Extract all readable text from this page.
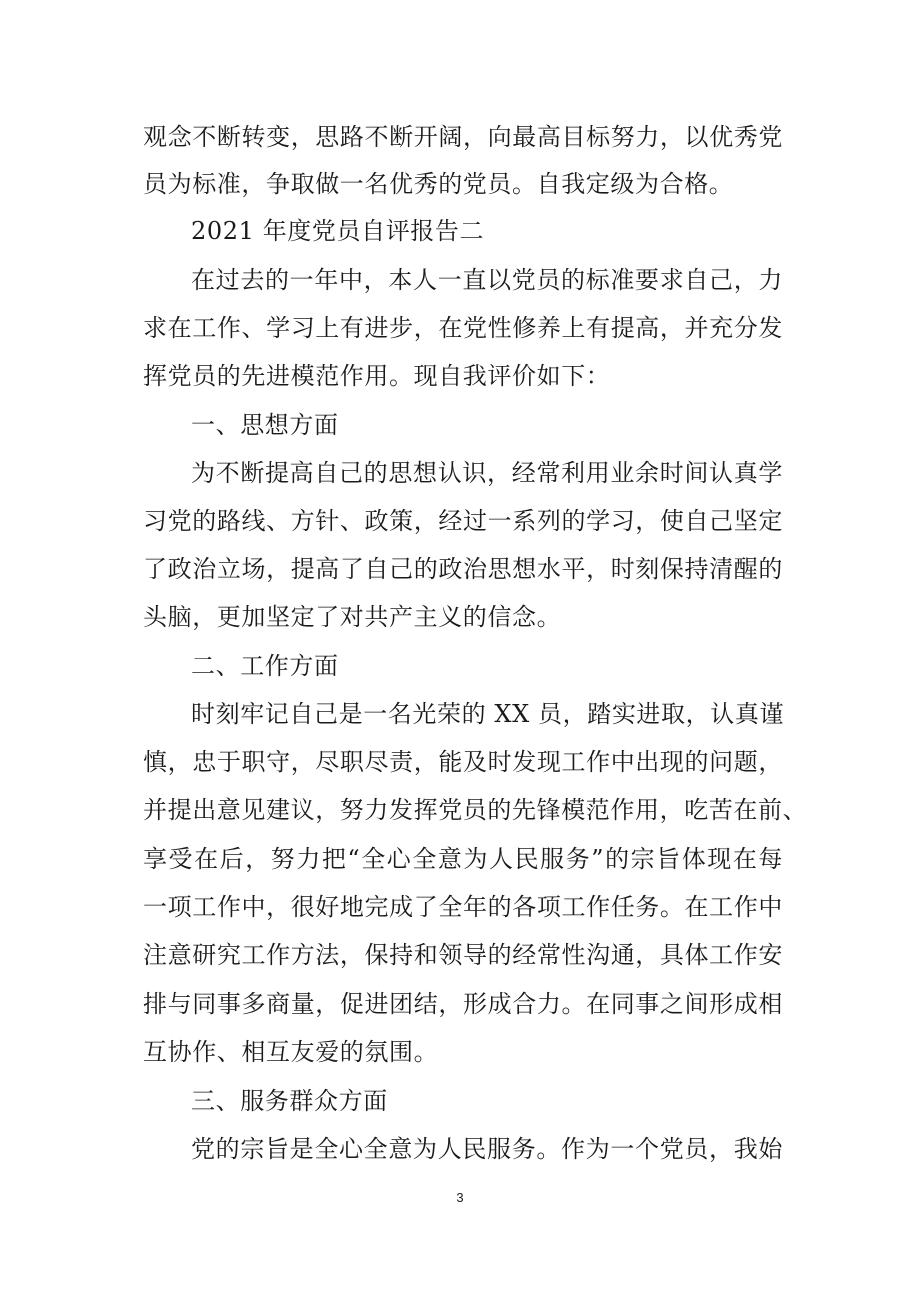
观念不断转变，思路不断开阔，向最高目标努力，以优秀党
员为标准，争取做一名优秀的党员。自我定级为合格。
2021 年度党员自评报告二
在过去的一年中，本人一直以党员的标准要求自己，力
求在工作、学习上有进步，在党性修养上有提高，并充分发
挥党员的先进模范作用。现自我评价如下：
一、思想方面
为不断提高自己的思想认识，经常利用业余时间认真学
习党的路线、方针、政策，经过一系列的学习，使自己坚定
了政治立场，提高了自己的政治思想水平，时刻保持清醒的
头脑，更加坚定了对共产主义的信念。
二、工作方面
时刻牢记自己是一名光荣的 XX 员，踏实进取，认真谨
慎，忠于职守，尽职尽责，能及时发现工作中出现的问题，
并提出意见建议，努力发挥党员的先锋模范作用，吃苦在前、
享受在后，努力把“全心全意为人民服务”的宗旨体现在每
一项工作中，很好地完成了全年的各项工作任务。在工作中
注意研究工作方法，保持和领导的经常性沟通，具体工作安
排与同事多商量，促进团结，形成合力。在同事之间形成相
互协作、相互友爱的氛围。
三、服务群众方面
党的宗旨是全心全意为人民服务。作为一个党员，我始
3
